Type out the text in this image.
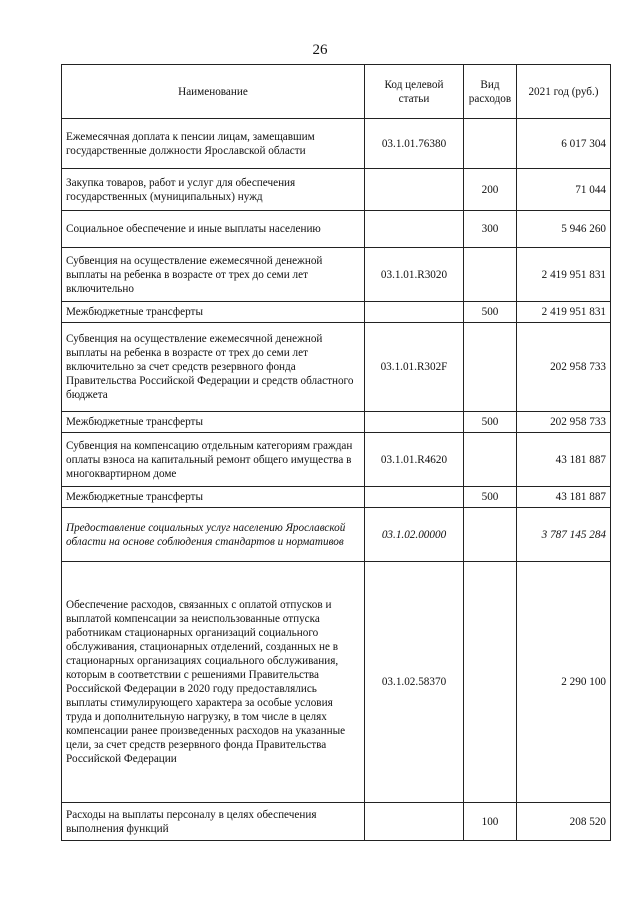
26
Наименование	Код целевой статьи	Вид расходов	2021 год (руб.)
Ежемесячная доплата к пенсии лицам, замещавшим государственные должности Ярославской области	03.1.01.76380		6 017 304
Закупка товаров, работ и услуг для обеспечения государственных (муниципальных) нужд		200	71 044
Социальное обеспечение и иные выплаты населению		300	5 946 260
Субвенция на осуществление ежемесячной денежной выплаты на ребенка в возрасте от трех до семи лет включительно	03.1.01.R3020		2 419 951 831
Межбюджетные трансферты		500	2 419 951 831
Субвенция на осуществление ежемесячной денежной выплаты на ребенка в возрасте от трех до семи лет включительно за счет средств резервного фонда Правительства Российской Федерации и средств областного бюджета	03.1.01.R302F		202 958 733
Межбюджетные трансферты		500	202 958 733
Субвенция на компенсацию отдельным категориям граждан оплаты взноса на капитальный ремонт общего имущества в многоквартирном доме	03.1.01.R4620		43 181 887
Межбюджетные трансферты		500	43 181 887
Предоставление социальных услуг населению Ярославской области на основе соблюдения стандартов и нормативов	03.1.02.00000		3 787 145 284
Обеспечение расходов, связанных с оплатой отпусков и выплатой компенсации за неиспользованные отпуска работникам стационарных организаций социального обслуживания, стационарных отделений, созданных не в стационарных организациях социального обслуживания, которым в соответствии с решениями Правительства Российской Федерации в 2020 году предоставлялись выплаты стимулирующего характера за особые условия труда и дополнительную нагрузку, в том числе в целях компенсации ранее произведенных расходов на указанные цели, за счет средств резервного фонда Правительства Российской Федерации	03.1.02.58370		2 290 100
Расходы на выплаты персоналу в целях обеспечения выполнения функций		100	208 520
